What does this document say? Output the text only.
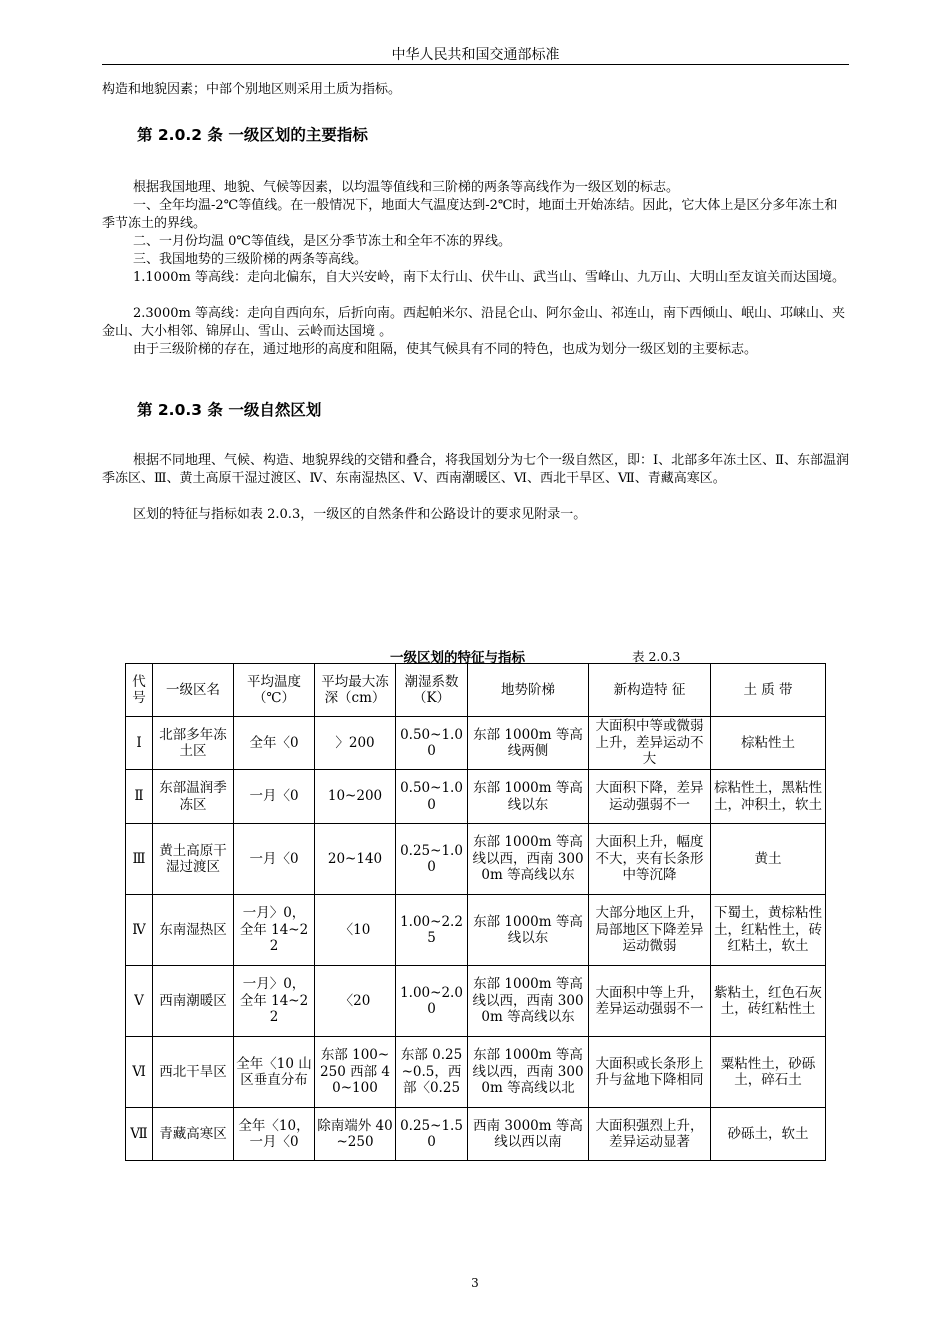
中华人民共和国交通部标准

构造和地貌因素；中部个别地区则采用土质为指标。

第 2.0.2 条 一级区划的主要指标

根据我国地理、地貌、气候等因素，以均温等值线和三阶梯的两条等高线作为一级区划的标志。

一、全年均温-2℃等值线。在一般情况下，地面大气温度达到-2℃时，地面土开始冻结。因此，它大体上是区分多年冻土和季节冻土的界线。

二、一月份均温 0℃等值线，是区分季节冻土和全年不冻的界线。

三、我国地势的三级阶梯的两条等高线。

1.1000m 等高线：走向北偏东，自大兴安岭，南下太行山、伏牛山、武当山、雪峰山、九万山、大明山至友谊关而达国境。

2.3000m 等高线：走向自西向东，后折向南。西起帕米尔、沿昆仑山、阿尔金山、祁连山，南下西倾山、岷山、邛崃山、夹金山、大小相邻、锦屏山、雪山、云岭而达国境 。

由于三级阶梯的存在，通过地形的高度和阻隔，使其气候具有不同的特色，也成为划分一级区划的主要标志。

第 2.0.3 条 一级自然区划

根据不同地理、气候、构造、地貌界线的交错和叠合，将我国划分为七个一级自然区，即：Ⅰ、北部多年冻土区、Ⅱ、东部温润季冻区、Ⅲ、黄土高原干湿过渡区、Ⅳ、东南湿热区、Ⅴ、西南潮暖区、Ⅵ、西北干旱区、Ⅶ、青藏高寒区。

区划的特征与指标如表 2.0.3，一级区的自然条件和公路设计的要求见附录一。

一级区划的特征与指标	表 2.0.3
代号	一级区名	平均温度（℃）	平均最大冻深（cm）	潮湿系数（K）	地势阶梯	新构造特 征	土 质 带
Ⅰ	北部多年冻土区	全年〈0	〉200	0.50~1.00	东部 1000m 等高线两侧	大面积中等或微弱上升，差异运动不大	棕粘性土
Ⅱ	东部温润季冻区	一月〈0	10~200	0.50~1.00	东部 1000m 等高线以东	大面积下降，差异运动强弱不一	棕粘性土，黑粘性土，冲积土，软土
Ⅲ	黄土高原干湿过渡区	一月〈0	20~140	0.25~1.00	东部 1000m 等高线以西，西南 3000m 等高线以东	大面积上升，幅度不大，夹有长条形中等沉降	黄土
Ⅳ	东南湿热区	一月〉0，全年 14~22	〈10	1.00~2.25	东部 1000m 等高线以东	大部分地区上升，局部地区下降差异运动微弱	下蜀土，黄棕粘性土，红粘性土，砖红粘土，软土
Ⅴ	西南潮暖区	一月〉0，全年 14~22	〈20	1.00~2.00	东部 1000m 等高线以西，西南 3000m 等高线以东	大面积中等上升，差异运动强弱不一	紫粘土，红色石灰土，砖红粘性土
Ⅵ	西北干旱区	全年〈10 山区垂直分布	东部 100~250 西部 40~100	东部 0.25~0.5，西部〈0.25	东部 1000m 等高线以西，西南 3000m 等高线以北	大面积或长条形上升与盆地下降相同	粟粘性土，砂砾土，碎石土
Ⅶ	青藏高寒区	全年〈10，一月〈0	除南端外 40~250	0.25~1.50	西南 3000m 等高线以西以南	大面积强烈上升，差异运动显著	砂砾土，软土
3
